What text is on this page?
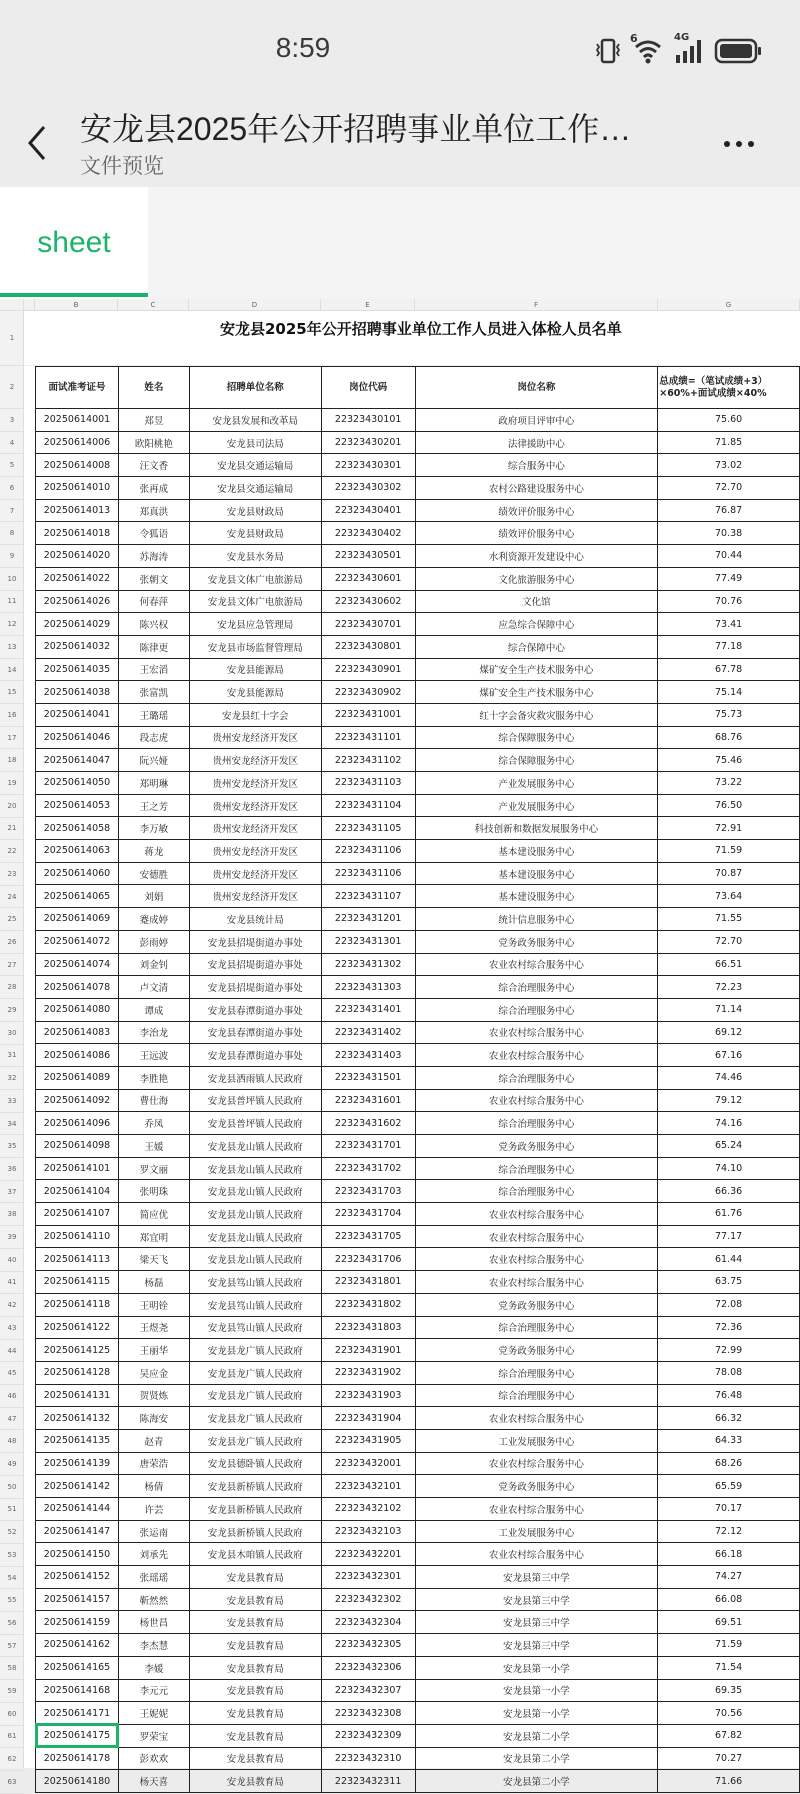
8:59	6	4G
安龙县2025年公开招聘事业单位工作…
文件预览
sheet
B	C	D	E	F	G
1
2
3
4
5
6
7
8
9
10
11
12
13
14
15
16
17
18
19
20
21
22
23
24
25
26
27
28
29
30
31
32
33
34
35
36
37
38
39
40
41
42
43
44
45
46
47
48
49
50
51
52
53
54
55
56
57
58
59
60
61
62
63
安龙县2025年公开招聘事业单位工作人员进入体检人员名单
面试准考证号	姓名	招聘单位名称	岗位代码	岗位名称	总成绩=（笔试成绩+3）×60%+面试成绩×40%
20250614001	郑昱	安龙县发展和改革局	22323430101	政府项目评审中心	75.60
20250614006	欧阳桃艳	安龙县司法局	22323430201	法律援助中心	71.85
20250614008	汪文香	安龙县交通运输局	22323430301	综合服务中心	73.02
20250614010	张再成	安龙县交通运输局	22323430302	农村公路建设服务中心	72.70
20250614013	郑真洪	安龙县财政局	22323430401	绩效评价服务中心	76.87
20250614018	令狐语	安龙县财政局	22323430402	绩效评价服务中心	70.38
20250614020	苏海涛	安龙县水务局	22323430501	水利资源开发建设中心	70.44
20250614022	张朝文	安龙县文体广电旅游局	22323430601	文化旅游服务中心	77.49
20250614026	何春萍	安龙县文体广电旅游局	22323430602	文化馆	70.76
20250614029	陈兴权	安龙县应急管理局	22323430701	应急综合保障中心	73.41
20250614032	陈律更	安龙县市场监督管理局	22323430801	综合保障中心	77.18
20250614035	王宏滔	安龙县能源局	22323430901	煤矿安全生产技术服务中心	67.78
20250614038	张富凯	安龙县能源局	22323430902	煤矿安全生产技术服务中心	75.14
20250614041	王璐瑶	安龙县红十字会	22323431001	红十字会备灾救灾服务中心	75.73
20250614046	段志虎	贵州安龙经济开发区	22323431101	综合保障服务中心	68.76
20250614047	阮兴娅	贵州安龙经济开发区	22323431102	综合保障服务中心	75.46
20250614050	郑明琳	贵州安龙经济开发区	22323431103	产业发展服务中心	73.22
20250614053	王之芳	贵州安龙经济开发区	22323431104	产业发展服务中心	76.50
20250614058	李万敏	贵州安龙经济开发区	22323431105	科技创新和数据发展服务中心	72.91
20250614063	蒋龙	贵州安龙经济开发区	22323431106	基本建设服务中心	71.59
20250614060	安德胜	贵州安龙经济开发区	22323431106	基本建设服务中心	70.87
20250614065	刘娟	贵州安龙经济开发区	22323431107	基本建设服务中心	73.64
20250614069	蹇成婷	安龙县统计局	22323431201	统计信息服务中心	71.55
20250614072	彭雨婷	安龙县招堤街道办事处	22323431301	党务政务服务中心	72.70
20250614074	刘金钊	安龙县招堤街道办事处	22323431302	农业农村综合服务中心	66.51
20250614078	卢文清	安龙县招堤街道办事处	22323431303	综合治理服务中心	72.23
20250614080	谭成	安龙县春潭街道办事处	22323431401	综合治理服务中心	71.14
20250614083	李治龙	安龙县春潭街道办事处	22323431402	农业农村综合服务中心	69.12
20250614086	王远波	安龙县春潭街道办事处	22323431403	农业农村综合服务中心	67.16
20250614089	李胜艳	安龙县洒雨镇人民政府	22323431501	综合治理服务中心	74.46
20250614092	曹仕海	安龙县普坪镇人民政府	22323431601	农业农村综合服务中心	79.12
20250614096	乔凤	安龙县普坪镇人民政府	22323431602	综合治理服务中心	74.16
20250614098	王媛	安龙县龙山镇人民政府	22323431701	党务政务服务中心	65.24
20250614101	罗文丽	安龙县龙山镇人民政府	22323431702	综合治理服务中心	74.10
20250614104	张明珠	安龙县龙山镇人民政府	22323431703	综合治理服务中心	66.36
20250614107	简应优	安龙县龙山镇人民政府	22323431704	农业农村综合服务中心	61.76
20250614110	郑宜明	安龙县龙山镇人民政府	22323431705	农业农村综合服务中心	77.17
20250614113	梁天飞	安龙县龙山镇人民政府	22323431706	农业农村综合服务中心	61.44
20250614115	杨磊	安龙县笃山镇人民政府	22323431801	农业农村综合服务中心	63.75
20250614118	王明铨	安龙县笃山镇人民政府	22323431802	党务政务服务中心	72.08
20250614122	王煜尧	安龙县笃山镇人民政府	22323431803	综合治理服务中心	72.36
20250614125	王丽华	安龙县龙广镇人民政府	22323431901	党务政务服务中心	72.99
20250614128	吴应金	安龙县龙广镇人民政府	22323431902	综合治理服务中心	78.08
20250614131	贺贤炼	安龙县龙广镇人民政府	22323431903	综合治理服务中心	76.48
20250614132	陈海安	安龙县龙广镇人民政府	22323431904	农业农村综合服务中心	66.32
20250614135	赵青	安龙县龙广镇人民政府	22323431905	工业发展服务中心	64.33
20250614139	唐荣浩	安龙县德卧镇人民政府	22323432001	农业农村综合服务中心	68.26
20250614142	杨倩	安龙县新桥镇人民政府	22323432101	党务政务服务中心	65.59
20250614144	许芸	安龙县新桥镇人民政府	22323432102	农业农村综合服务中心	70.17
20250614147	张运南	安龙县新桥镇人民政府	22323432103	工业发展服务中心	72.12
20250614150	刘承先	安龙县木咱镇人民政府	22323432201	农业农村综合服务中心	66.18
20250614152	张瑶瑶	安龙县教育局	22323432301	安龙县第三中学	74.27
20250614157	靳然然	安龙县教育局	22323432302	安龙县第三中学	66.08
20250614159	杨世昌	安龙县教育局	22323432304	安龙县第三中学	69.51
20250614162	李杰慧	安龙县教育局	22323432305	安龙县第三中学	71.59
20250614165	李媛	安龙县教育局	22323432306	安龙县第一小学	71.54
20250614168	李元元	安龙县教育局	22323432307	安龙县第一小学	69.35
20250614171	王妮妮	安龙县教育局	22323432308	安龙县第一小学	70.56
20250614175	罗荣宝	安龙县教育局	22323432309	安龙县第二小学	67.82
20250614178	彭欢欢	安龙县教育局	22323432310	安龙县第二小学	70.27
20250614180	杨天喜	安龙县教育局	22323432311	安龙县第二小学	71.66
